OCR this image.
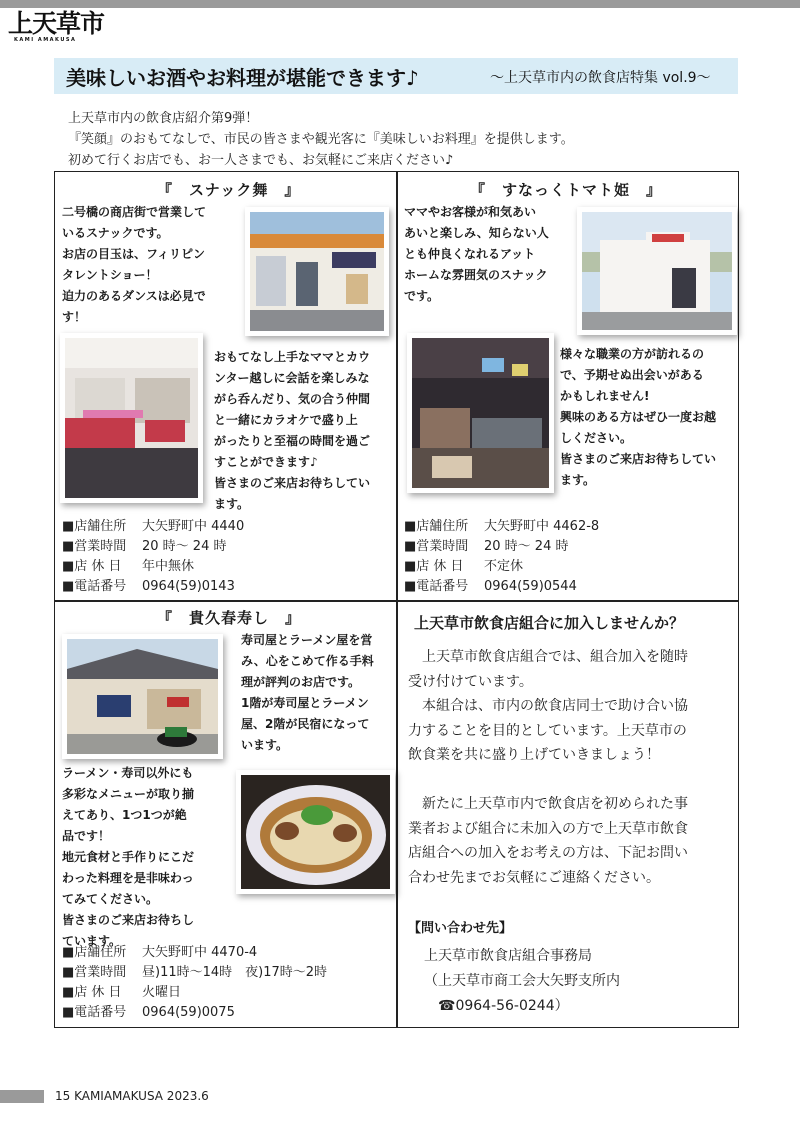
上天草市
KAMI AMAKUSA
美味しいお酒やお料理が堪能できます♪	～上天草市内の飲食店特集 vol.9～
上天草市内の飲食店紹介第9弾！
『笑顔』のおもてなしで、市民の皆さまや観光客に『美味しいお料理』を提供します。
初めて行くお店でも、お一人さまでも、お気軽にご来店ください♪
『　スナック舞　』
二号橋の商店街で営業して
いるスナックです。
お店の目玉は、フィリピン
タレントショー！
迫力のあるダンスは必見で
す！
おもてなし上手なママとカウ
ンター越しに会話を楽しみな
がら呑んだり、気の合う仲間
と一緒にカラオケで盛り上
がったりと至福の時間を過ご
すことができます♪
皆さまのご来店お待ちしてい
ます。
■店舗住所	大矢野町中 4440
■営業時間	20 時～ 24 時
■店 休 日	年中無休
■電話番号	0964(59)0143
『　すなっくトマト姫　』
ママやお客様が和気あい
あいと楽しみ、知らない人
とも仲良くなれるアット
ホームな雰囲気のスナック
です。
様々な職業の方が訪れるの
で、予期せぬ出会いがある
かもしれません!
興味のある方はぜひ一度お越
しください。
皆さまのご来店お待ちしてい
ます。
■店舗住所	大矢野町中 4462-8
■営業時間	20 時～ 24 時
■店 休 日	不定休
■電話番号	0964(59)0544
『　貴久春寿し　』
寿司屋とラーメン屋を営
み、心をこめて作る手料
理が評判のお店です。
1階が寿司屋とラーメン
屋、2階が民宿になって
います。
ラーメン・寿司以外にも
多彩なメニューが取り揃
えてあり、1つ1つが絶
品です！
地元食材と手作りにこだ
わった料理を是非味わっ
てみてください。
皆さまのご来店お待ちし
ています。
■店舗住所	大矢野町中 4470-4
■営業時間	昼)11時～14時　夜)17時～2時
■店 休 日	火曜日
■電話番号	0964(59)0075
上天草市飲食店組合に加入しませんか？
　上天草市飲食店組合では、組合加入を随時
受け付けています。
　本組合は、市内の飲食店同士で助け合い協
力することを目的としています。上天草市の
飲食業を共に盛り上げていきましょう！

　新たに上天草市内で飲食店を初められた事
業者および組合に未加入の方で上天草市飲食
店組合への加入をお考えの方は、下記お問い
合わせ先までお気軽にご連絡ください。
【問い合わせ先】
上天草市飲食店組合事務局
（上天草市商工会大矢野支所内
　☎0964-56-0244）
15 KAMIAMAKUSA 2023.6
